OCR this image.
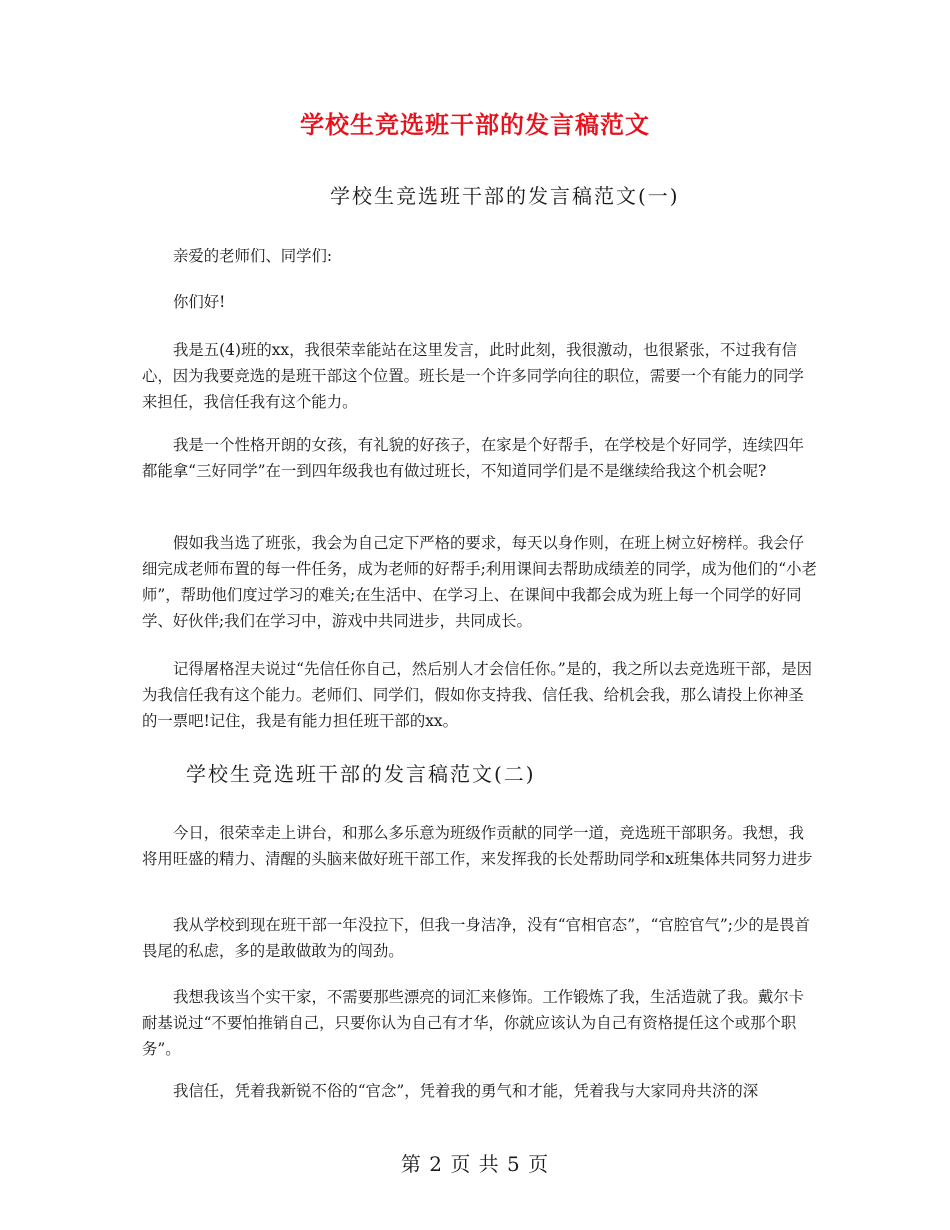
学校生竞选班干部的发言稿范文
学校生竞选班干部的发言稿范文(一)

亲爱的老师们、同学们:

你们好!

我是五(4)班的xx，我很荣幸能站在这里发言，此时此刻，我很激动，也很紧张，不过我有信心，因为我要竞选的是班干部这个位置。班长是一个许多同学向往的职位，需要一个有能力的同学来担任，我信任我有这个能力。

我是一个性格开朗的女孩，有礼貌的好孩子，在家是个好帮手，在学校是个好同学，连续四年都能拿“三好同学”在一到四年级我也有做过班长，不知道同学们是不是继续给我这个机会呢?

假如我当选了班张，我会为自己定下严格的要求，每天以身作则，在班上树立好榜样。我会仔细完成老师布置的每一件任务，成为老师的好帮手;利用课间去帮助成绩差的同学，成为他们的“小老师”，帮助他们度过学习的难关;在生活中、在学习上、在课间中我都会成为班上每一个同学的好同学、好伙伴;我们在学习中，游戏中共同进步，共同成长。

记得屠格涅夫说过“先信任你自己，然后别人才会信任你。”是的，我之所以去竞选班干部，是因为我信任我有这个能力。老师们、同学们，假如你支持我、信任我、给机会我，那么请投上你神圣的一票吧!记住，我是有能力担任班干部的xx。

学校生竞选班干部的发言稿范文(二)

今日，很荣幸走上讲台，和那么多乐意为班级作贡献的同学一道，竞选班干部职务。我想，我将用旺盛的精力、清醒的头脑来做好班干部工作，来发挥我的长处帮助同学和x班集体共同努力进步

我从学校到现在班干部一年没拉下，但我一身洁净，没有“官相官态”，“官腔官气”;少的是畏首畏尾的私虑，多的是敢做敢为的闯劲。

我想我该当个实干家，不需要那些漂亮的词汇来修饰。工作锻炼了我，生活造就了我。戴尔卡耐基说过“不要怕推销自己，只要你认为自己有才华，你就应该认为自己有资格提任这个或那个职务”。

我信任，凭着我新锐不俗的“官念”，凭着我的勇气和才能，凭着我与大家同舟共济的深

第 2 页 共 5 页
